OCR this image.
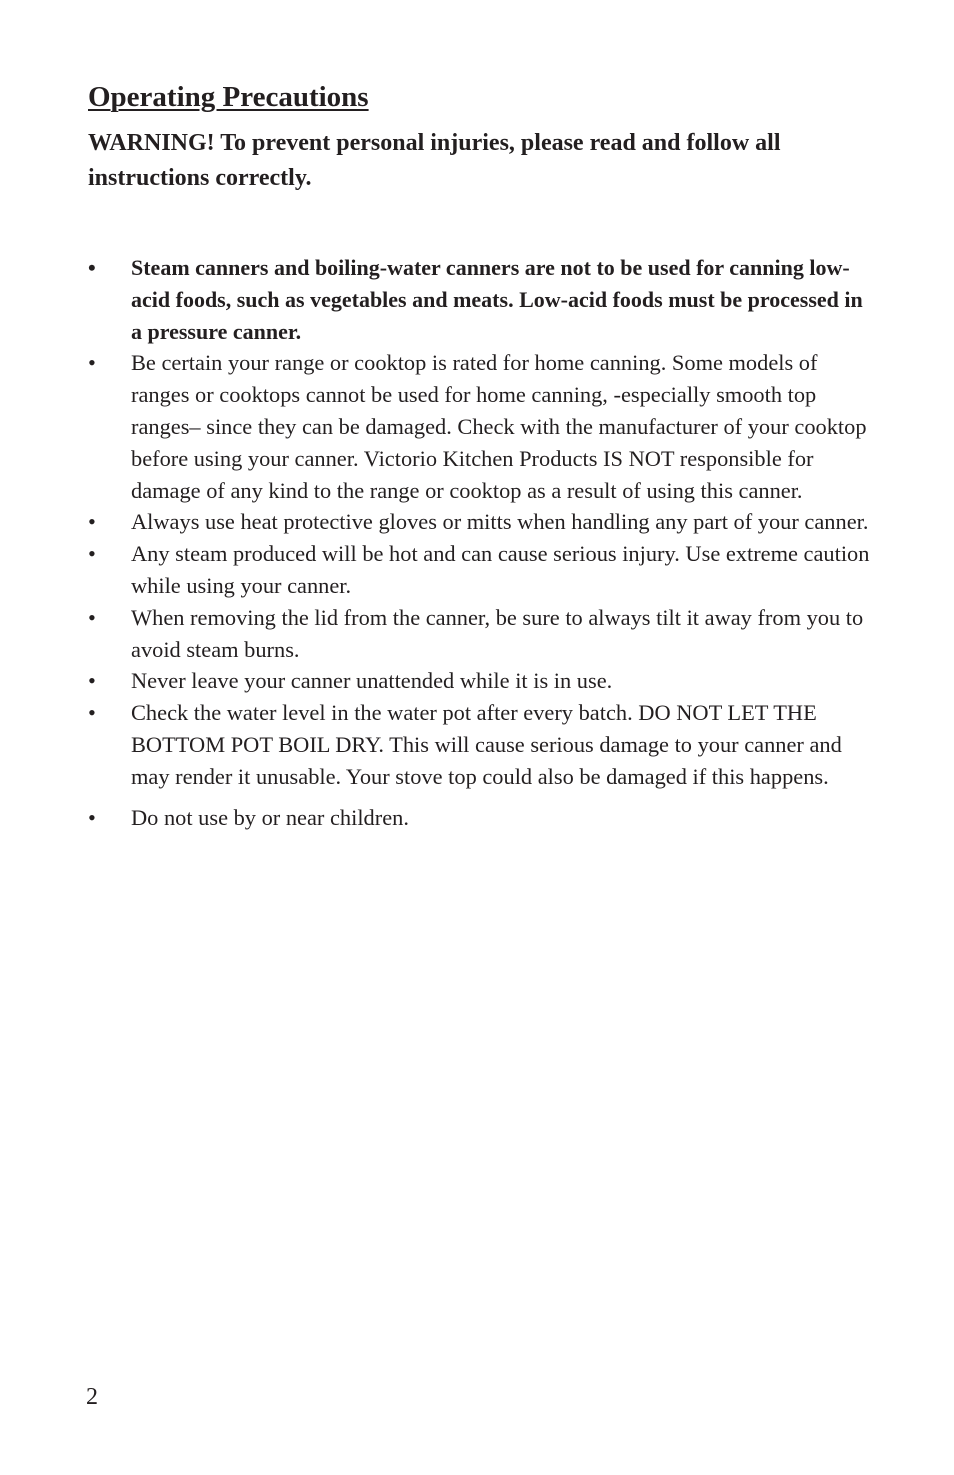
Operating Precautions

WARNING! To prevent personal injuries, please read and follow all instructions correctly.

• Steam canners and boiling-water canners are not to be used for canning low-acid foods, such as vegetables and meats. Low-acid foods must be processed in a pressure canner.
• Be certain your range or cooktop is rated for home canning. Some models of ranges or cooktops cannot be used for home canning, -especially smooth top ranges– since they can be damaged. Check with the manufacturer of your cooktop before using your canner. Victorio Kitchen Products IS NOT responsible for damage of any kind to the range or cooktop as a result of using this canner.
• Always use heat protective gloves or mitts when handling any part of your canner.
• Any steam produced will be hot and can cause serious injury. Use extreme caution while using your canner.
• When removing the lid from the canner, be sure to always tilt it away from you to avoid steam burns.
• Never leave your canner unattended while it is in use.
• Check the water level in the water pot after every batch. DO NOT LET THE BOTTOM POT BOIL DRY. This will cause serious damage to your canner and may render it unusable. Your stove top could also be damaged if this happens.
• Do not use by or near children.
2
